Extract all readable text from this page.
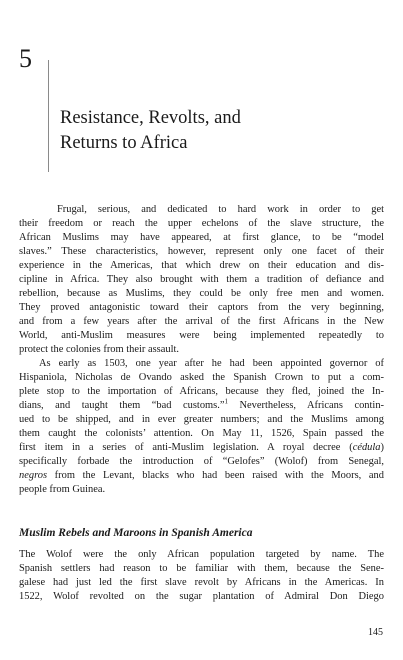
5
Resistance, Revolts, and
Returns to Africa
Frugal, serious, and dedicated to hard work in order to get
their freedom or reach the upper echelons of the slave structure, the
African Muslims may have appeared, at first glance, to be “model
slaves.” These characteristics, however, represent only one facet of their
experience in the Americas, that which drew on their education and dis-
cipline in Africa. They also brought with them a tradition of defiance and
rebellion, because as Muslims, they could be only free men and women.
They proved antagonistic toward their captors from the very beginning,
and from a few years after the arrival of the first Africans in the New
World, anti-Muslim measures were being implemented repeatedly to
protect the colonies from their assault.
As early as 1503, one year after he had been appointed governor of
Hispaniola, Nicholas de Ovando asked the Spanish Crown to put a com-
plete stop to the importation of Africans, because they fled, joined the In-
dians, and taught them “bad customs.”$^1$ Nevertheless, Africans contin-
ued to be shipped, and in ever greater numbers; and the Muslims among
them caught the colonists’ attention. On May 11, 1526, Spain passed the
first item in a series of anti-Muslim legislation. A royal decree (cédula)
specifically forbade the introduction of “Gelofes” (Wolof) from Senegal,
negros from the Levant, blacks who had been raised with the Moors, and
people from Guinea.
Muslim Rebels and Maroons in Spanish America
The Wolof were the only African population targeted by name. The
Spanish settlers had reason to be familiar with them, because the Sene-
galese had just led the first slave revolt by Africans in the Americas. In
1522, Wolof revolted on the sugar plantation of Admiral Don Diego
145
